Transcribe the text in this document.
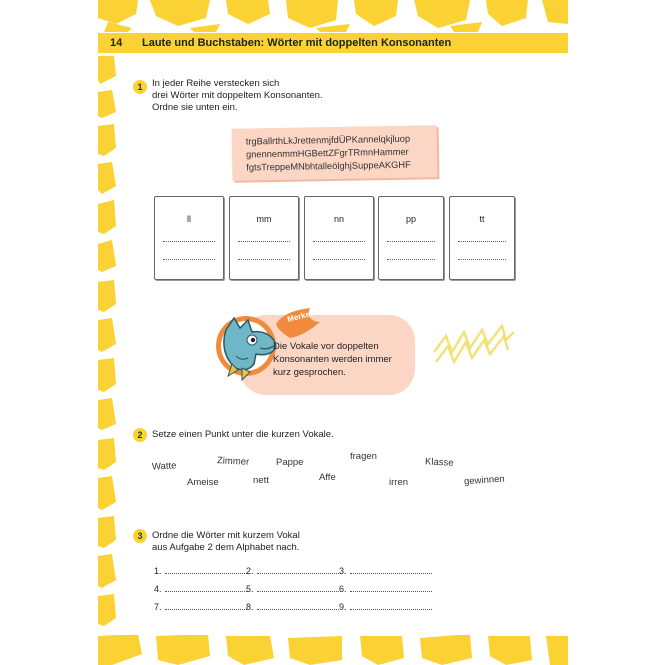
14	Laute und Buchstaben: Wörter mit doppelten Konsonanten
1	In jeder Reihe verstecken sich
drei Wörter mit doppeltem Konsonanten.
Ordne sie unten ein.
trgBallrthLkJrettenmjfdÜPKannelqkjluop
gnennenmmHGBettZFgrTRmnHammer
fgtsTreppeMNbhtalleölghjSuppeAKGHF
ll	mm	nn	pp	tt
Merke!
Die Vokale vor doppelten
Konsonanten werden immer
kurz gesprochen.
2	Setze einen Punkt unter die kurzen Vokale.
Watte	Zimmer	Pappe
fragen	Klasse
Ameise	nett	Affe	irren	gewinnen
3	Ordne die Wörter mit kurzem Vokal
aus Aufgabe 2 dem Alphabet nach.
1.	2.	3.
4.	5.	6.
7.	8.	9.
